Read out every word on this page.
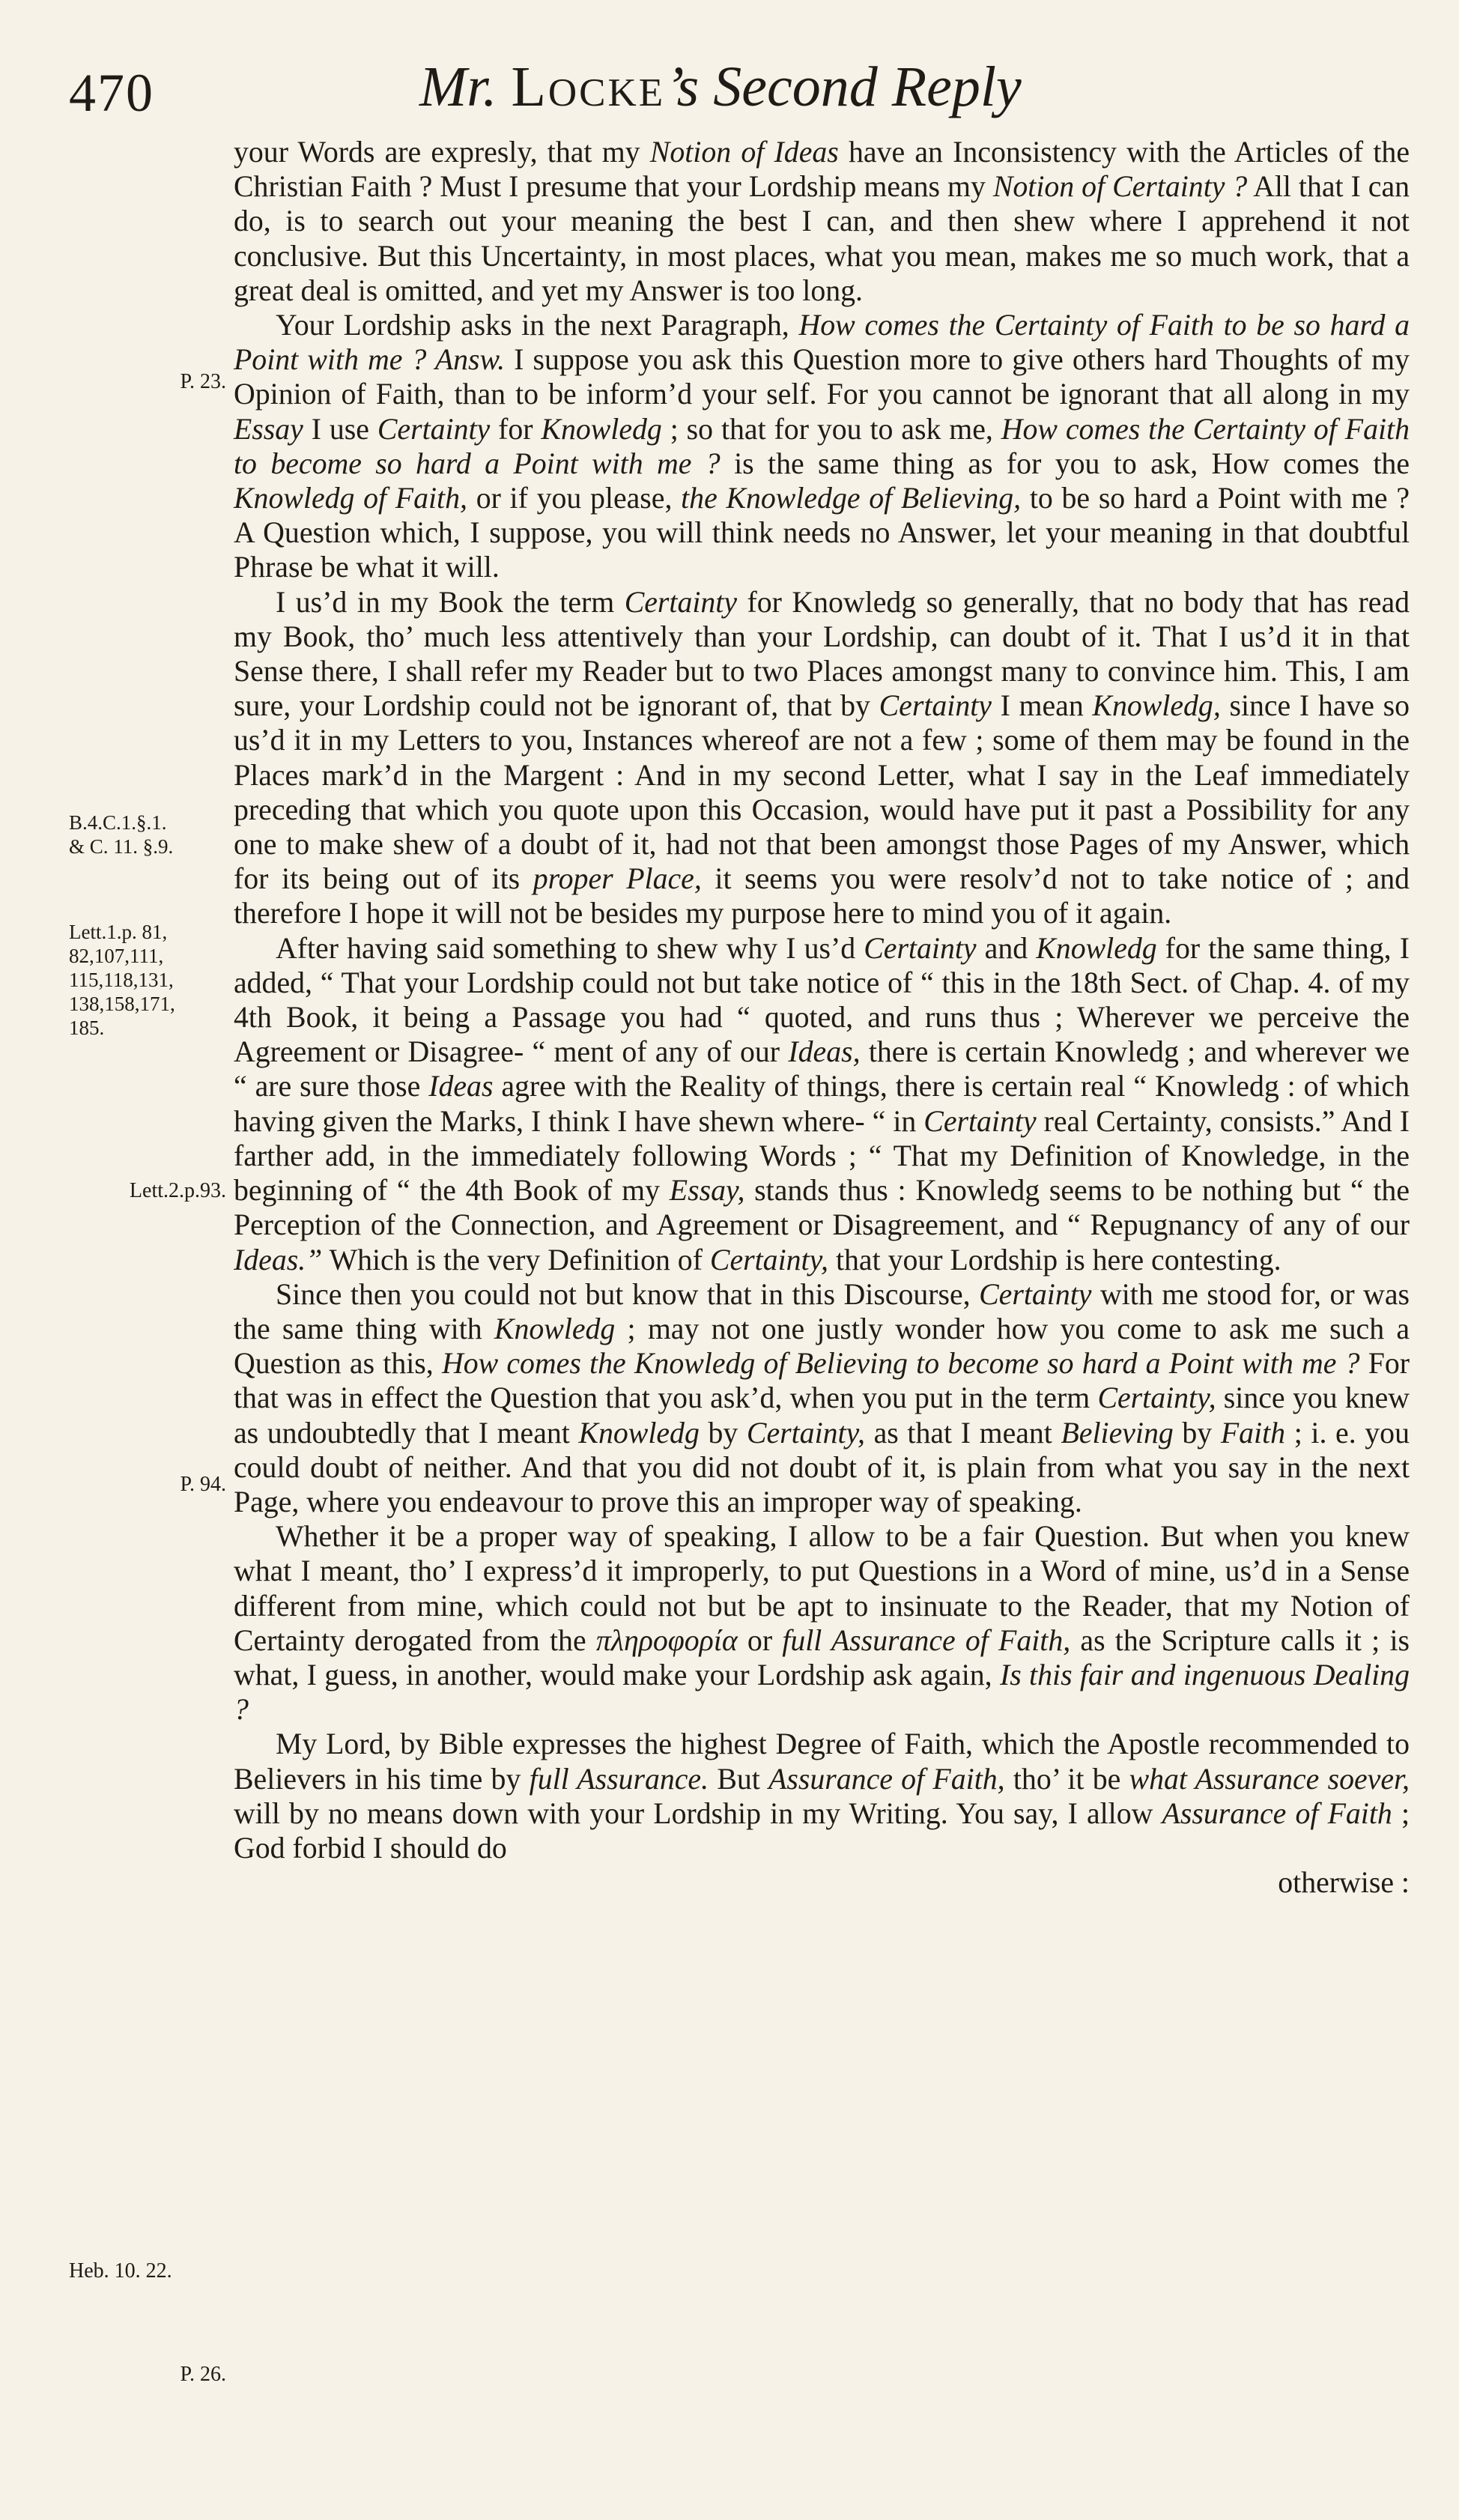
470	Mr. Locke’s Second Reply
P. 23.
B.4.C.1.§.1.
& C. 11. §.9.
Lett.1.p. 81,
82,107,111,
115,118,131,
138,158,171,
185.
Lett.2.p.93.
P. 94.
Heb. 10. 22.
P. 26.

your Words are expresly, that my Notion of Ideas have an Inconsistency with the Articles of the Christian Faith ? Must I presume that your Lordship means my Notion of Certainty ? All that I can do, is to search out your meaning the best I can, and then shew where I apprehend it not conclusive. But this Uncertainty, in most places, what you mean, makes me so much work, that a great deal is omitted, and yet my Answer is too long.

Your Lordship asks in the next Paragraph, How comes the Certainty of Faith to be so hard a Point with me ? Answ. I suppose you ask this Question more to give others hard Thoughts of my Opinion of Faith, than to be inform’d your self. For you cannot be ignorant that all along in my Essay I use Certainty for Knowledg ; so that for you to ask me, How comes the Certainty of Faith to become so hard a Point with me ? is the same thing as for you to ask, How comes the Knowledg of Faith, or if you please, the Knowledge of Believing, to be so hard a Point with me ? A Question which, I suppose, you will think needs no Answer, let your meaning in that doubtful Phrase be what it will.

I us’d in my Book the term Certainty for Knowledg so generally, that no body that has read my Book, tho’ much less attentively than your Lordship, can doubt of it. That I us’d it in that Sense there, I shall refer my Reader but to two Places amongst many to convince him. This, I am sure, your Lordship could not be ignorant of, that by Certainty I mean Knowledg, since I have so us’d it in my Letters to you, Instances whereof are not a few ; some of them may be found in the Places mark’d in the Margent : And in my second Letter, what I say in the Leaf immediately preceding that which you quote upon this Occasion, would have put it past a Possibility for any one to make shew of a doubt of it, had not that been amongst those Pages of my Answer, which for its being out of its proper Place, it seems you were resolv’d not to take notice of ; and therefore I hope it will not be besides my purpose here to mind you of it again.

After having said something to shew why I us’d Certainty and Knowledg for the same thing, I added, “ That your Lordship could not but take notice of “ this in the 18th Sect. of Chap. 4. of my 4th Book, it being a Passage you had “ quoted, and runs thus ; Wherever we perceive the Agreement or Disagree- “ ment of any of our Ideas, there is certain Knowledg ; and wherever we “ are sure those Ideas agree with the Reality of things, there is certain real “ Knowledg : of which having given the Marks, I think I have shewn where- “ in Certainty real Certainty, consists.” And I farther add, in the immediately following Words ; “ That my Definition of Knowledge, in the beginning of “ the 4th Book of my Essay, stands thus : Knowledg seems to be nothing but “ the Perception of the Connection, and Agreement or Disagreement, and “ Repugnancy of any of our Ideas.” Which is the very Definition of Certainty, that your Lordship is here contesting.

Since then you could not but know that in this Discourse, Certainty with me stood for, or was the same thing with Knowledg ; may not one justly wonder how you come to ask me such a Question as this, How comes the Knowledg of Believing to become so hard a Point with me ? For that was in effect the Question that you ask’d, when you put in the term Certainty, since you knew as undoubtedly that I meant Knowledg by Certainty, as that I meant Believing by Faith ; i. e. you could doubt of neither. And that you did not doubt of it, is plain from what you say in the next Page, where you endeavour to prove this an improper way of speaking.

Whether it be a proper way of speaking, I allow to be a fair Question. But when you knew what I meant, tho’ I express’d it improperly, to put Questions in a Word of mine, us’d in a Sense different from mine, which could not but be apt to insinuate to the Reader, that my Notion of Certainty derogated from the πληροφορία or full Assurance of Faith, as the Scripture calls it ; is what, I guess, in another, would make your Lordship ask again, Is this fair and ingenuous Dealing ?

My Lord, by Bible expresses the highest Degree of Faith, which the Apostle recommended to Believers in his time by full Assurance. But Assurance of Faith, tho’ it be what Assurance soever, will by no means down with your Lordship in my Writing. You say, I allow Assurance of Faith ; God forbid I should do

otherwise :
